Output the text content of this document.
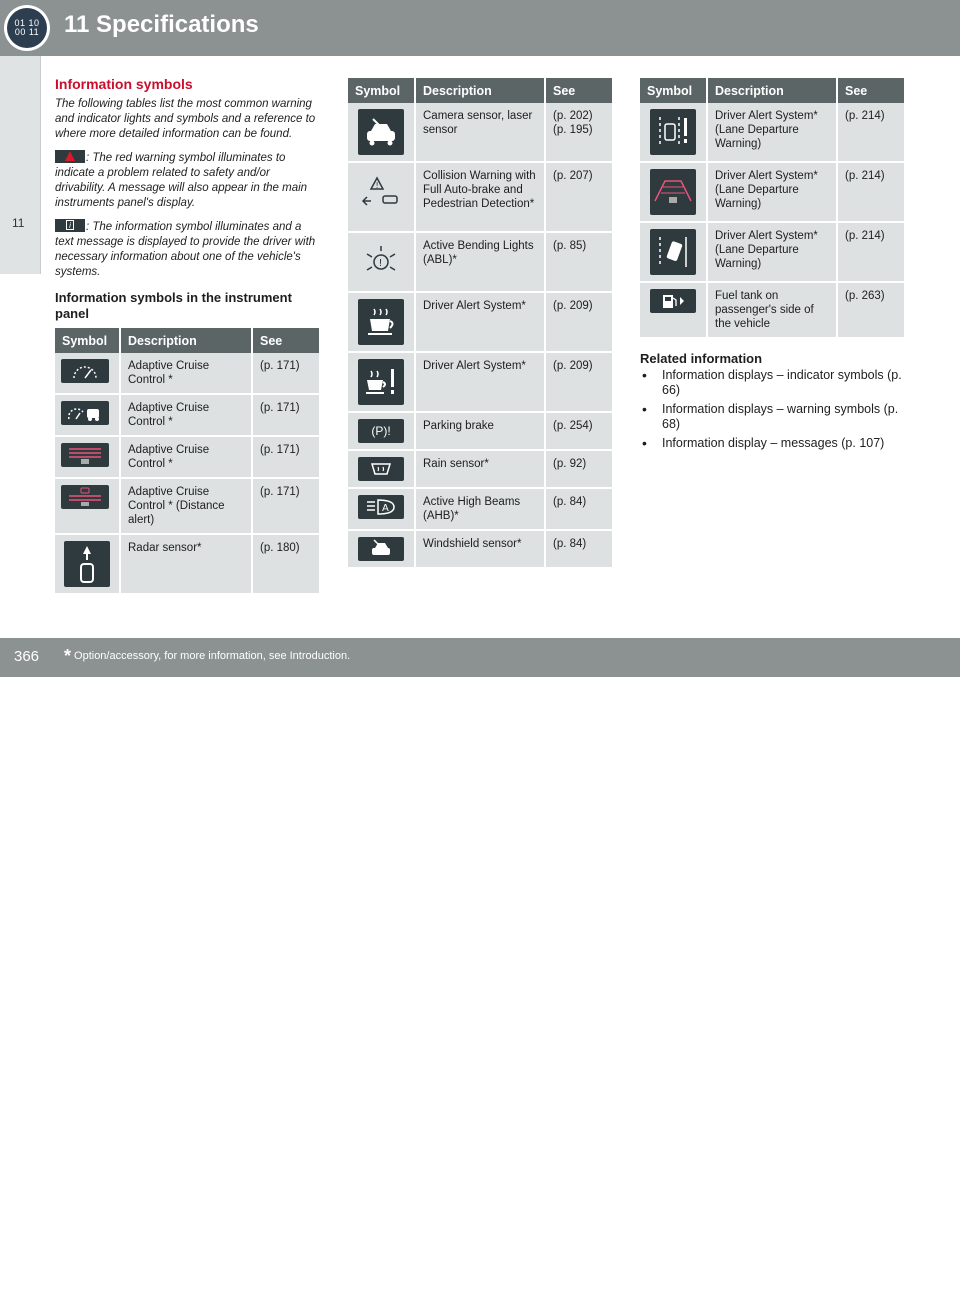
01 10
00 11 11 Specifications
11
Information symbols

The following tables list the most common warning and indicator lights and symbols and a reference to where more detailed information can be found.

: The red warning symbol illuminates to indicate a problem related to safety and/or drivability. A message will also appear in the main instruments panel's display.

i : The information symbol illuminates and a text message is displayed to provide the driver with necessary information about one of the vehicle's systems.

Information symbols in the instrument panel
Symbol	Description	See

	Adaptive Cruise Control *	(p. 171)

	Adaptive Cruise Control *	(p. 171)

	Adaptive Cruise Control *	(p. 171)

	Adaptive Cruise Control * (Distance alert)	(p. 171)

	Radar sensor*	(p. 180)
Symbol	Description	See

	Camera sensor, laser sensor	(p. 202)
(p. 195)

!	Collision Warning with Full Auto-brake and Pedestrian Detection*	(p. 207)

!	Active Bending Lights (ABL)*	(p. 85)

	Driver Alert System*	(p. 209)

	Driver Alert System*	(p. 209)

(P)!	Parking brake	(p. 254)

	Rain sensor*	(p. 92)

A	Active High Beams (AHB)*	(p. 84)

	Windshield sensor*	(p. 84)
Symbol	Description	See

	Driver Alert System* (Lane Departure Warning)	(p. 214)

	Driver Alert System* (Lane Departure Warning)	(p. 214)

	Driver Alert System* (Lane Departure Warning)	(p. 214)

	Fuel tank on passenger's side of the vehicle	(p. 263)
Related information
• Information displays – indicator symbols (p. 66)
• Information displays – warning symbols (p. 68)
• Information display – messages (p. 107)
366 * Option/accessory, for more information, see Introduction.
carmanualsonline.info
